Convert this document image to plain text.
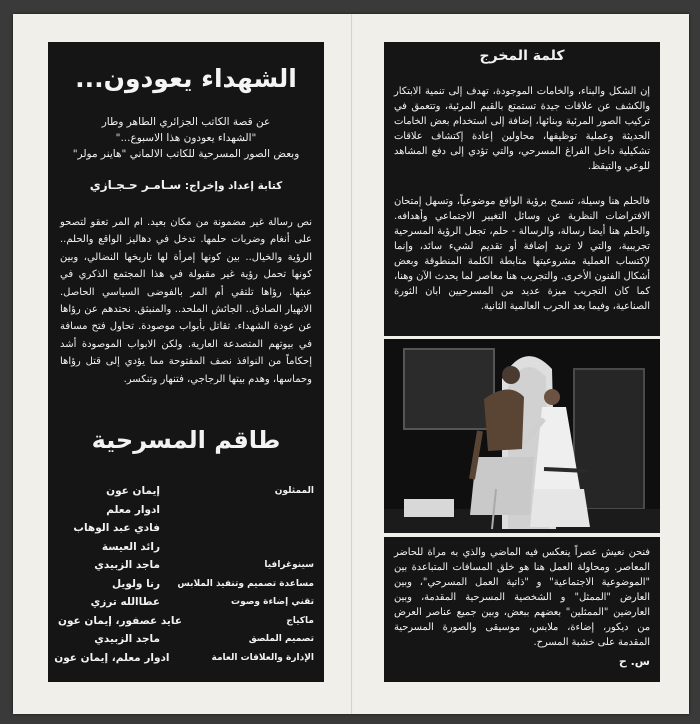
الشهداء يعودون...
عن قصة الكاتب الجزائري الطاهر وطار
"الشهداء يعودون هذا الاسبوع..."
وبعض الصور المسرحية للكاتب الالماني "هاينر مولر"
كتابة إعداد وإخراج: سـامـر حـجـازي
نص رسالة غير مضمونة من مكان بعيد. ام المر تعقو لتصحو على أنغام وضربات حلمها. تدخل في دهاليز الواقع والحلم.. الرؤية والخيال.. بين كونها إمرأة لها تاريخها النضالي، وبين كونها تحمل رؤية غير مقبولة في هذا المجتمع الذكري في عبثها. رؤاها تلتقي أم المر بالفوضى السياسي الحاصل. الانهيار الصادق.. الجائش الملحد.. والمنبثق. نحتدهم عن رؤاها عن عودة الشهداء. تقاتل بأبواب موصودة. تحاول فتح مسافة في بيوتهم المتصدعة العارية. ولكن الابواب الموصودة أشد إحكاماً من النوافذ نصف المفتوحة مما يؤدي إلى قتل رؤاها وحماسها، وهدم بيتها الرجاجي، فتنهار وتنكسر.
طاقم المسرحية
الممثلون
إيمان عون
ادوار معلم
فادي عبد الوهاب
رائد العيسة
سينوغرافيا
ماجد الزبيدي
مساعدة تصميم وتنفيذ الملابس
رنا ولويل
تقني إضاءة وصوت
عطاالله ترزي
ماكياج
عايد عصفور، إيمان عون
تصميم الملصق
ماجد الزبيدي
الإدارة والعلاقات العامة
ادوار معلم، إيمان عون
كلمة المخرج
إن الشكل والبناء، والخامات الموجودة، تهدف إلى تنمية الابتكار والكشف عن علاقات جيدة تستمتع بالقيم المرئية، وتتعمق في تركيب الصور المرئية وبنائها، إضافة إلى استخدام بعض الخامات الحديثة وعملية توظيفها، محاولين إعادة إكتشاف علاقات تشكيلية داخل الفراغ المسرحي، والتي تؤدي إلى دفع المشاهد للوعي والتيقظ.
فالحلم هنا وسيلة، تسمح برؤية الواقع موضوعياً، وتسهل إمتحان الافتراضات النظرية عن وسائل التغيير الاجتماعي وأهدافه. والحلم هنا أيضا رسالة، والرسالة - حلم، تجعل الرؤية المسرحية تجريبية، والتي لا تريد إضافة أو تقديم لشيء سائد، وإنما لإكتساب العملية مشروعيتها متابطة الكلمة المنطوقة وبعض أشكال الفنون الأخرى. والتجريب هنا معاصر لما يحدث الآن وهنا، كما كان التجريب ميزة عديد من المسرحيين ابان الثورة الصناعية، وفيما بعد الحرب العالمية الثانية.
فنحن نعيش عصراً ينعكس فيه الماضي والذي به مراة للحاضر المعاصر. ومحاولة العمل هنا هو خلق المسافات المتباعدة بين "الموضوعية الاجتماعية" و "ذاتية العمل المسرحي"، وبين العارض "الممثل" و الشخصية المسرحية المقدمة، وبين العارضين "الممثلين" بعضهم ببعض، وبين جميع عناصر العرض من ديكور، إضاءة، ملابس، موسيقى والصورة المسرحية المقدمة على خشبة المسرح.
س. ح
